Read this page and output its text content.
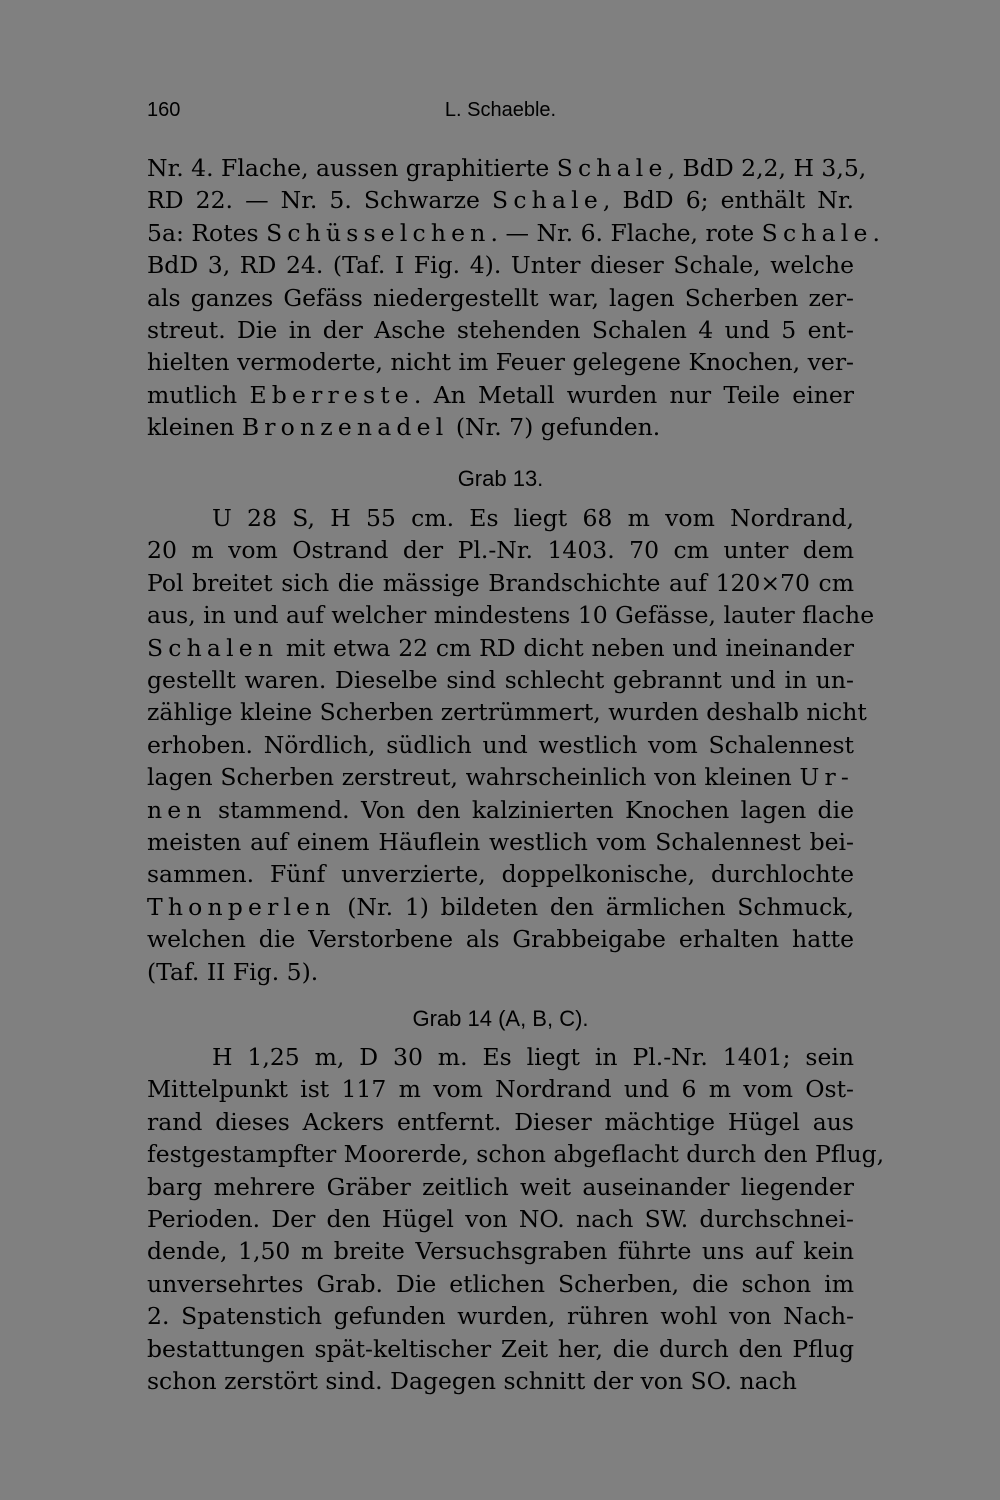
160	L. Schaeble.
Nr. 4. Flache, aussen graphitierte Schale, BdD 2,2, H 3,5,
RD 22. — Nr. 5. Schwarze Schale, BdD 6; enthält Nr.
5a: Rotes Schüsselchen. — Nr. 6. Flache, rote Schale.
BdD 3, RD 24. (Taf. I Fig. 4). Unter dieser Schale, welche
als ganzes Gefäss niedergestellt war, lagen Scherben zer-
streut. Die in der Asche stehenden Schalen 4 und 5 ent-
hielten vermoderte, nicht im Feuer gelegene Knochen, ver-
mutlich Eberreste. An Metall wurden nur Teile einer
kleinen Bronzenadel (Nr. 7) gefunden.
Grab 13.
U 28 S, H 55 cm. Es liegt 68 m vom Nordrand,
20 m vom Ostrand der Pl.-Nr. 1403. 70 cm unter dem
Pol breitet sich die mässige Brandschichte auf 120×70 cm
aus, in und auf welcher mindestens 10 Gefässe, lauter flache
Schalen mit etwa 22 cm RD dicht neben und ineinander
gestellt waren. Dieselbe sind schlecht gebrannt und in un-
zählige kleine Scherben zertrümmert, wurden deshalb nicht
erhoben. Nördlich, südlich und westlich vom Schalennest
lagen Scherben zerstreut, wahrscheinlich von kleinen Ur-
nen stammend. Von den kalzinierten Knochen lagen die
meisten auf einem Häuflein westlich vom Schalennest bei-
sammen. Fünf unverzierte, doppelkonische, durchlochte
Thonperlen (Nr. 1) bildeten den ärmlichen Schmuck,
welchen die Verstorbene als Grabbeigabe erhalten hatte
(Taf. II Fig. 5).
Grab 14 (A, B, C).
H 1,25 m, D 30 m. Es liegt in Pl.-Nr. 1401; sein
Mittelpunkt ist 117 m vom Nordrand und 6 m vom Ost-
rand dieses Ackers entfernt. Dieser mächtige Hügel aus
festgestampfter Moorerde, schon abgeflacht durch den Pflug,
barg mehrere Gräber zeitlich weit auseinander liegender
Perioden. Der den Hügel von NO. nach SW. durchschnei-
dende, 1,50 m breite Versuchsgraben führte uns auf kein
unversehrtes Grab. Die etlichen Scherben, die schon im
2. Spatenstich gefunden wurden, rühren wohl von Nach-
bestattungen spät-keltischer Zeit her, die durch den Pflug
schon zerstört sind. Dagegen schnitt der von SO. nach
